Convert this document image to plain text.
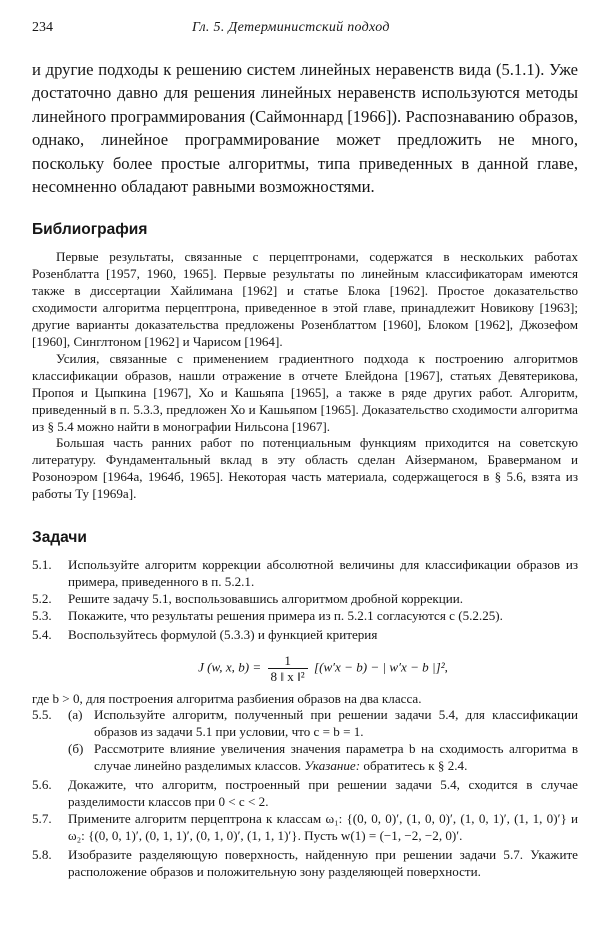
234	Гл. 5. Детерминистский подход

и другие подходы к решению систем линейных неравенств вида (5.1.1). Уже достаточно давно для решения линейных неравенств используются методы линейного программирования (Саймоннард [1966]). Распознаванию образов, однако, линейное программирование может предложить не много, поскольку более простые алгоритмы, типа приведенных в данной главе, несомненно обладают равными возможностями.

Библиография

Первые результаты, связанные с перцептронами, содержатся в нескольких работах Розенблатта [1957, 1960, 1965]. Первые результаты по линейным классификаторам имеются также в диссертации Хайлимана [1962] и статье Блока [1962]. Простое доказательство сходимости алгоритма перцептрона, приведенное в этой главе, принадлежит Новикову [1963]; другие варианты доказательства предложены Розенблаттом [1960], Блоком [1962], Джозефом [1960], Синглтоном [1962] и Чарисом [1964].

Усилия, связанные с применением градиентного подхода к построению алгоритмов классификации образов, нашли отражение в отчете Блейдона [1967], статьях Девятерикова, Пропоя и Цыпкина [1967], Хо и Кашьяпа [1965], а также в ряде других работ. Алгоритм, приведенный в п. 5.3.3, предложен Хо и Кашьяпом [1965]. Доказательство сходимости алгоритма из § 5.4 можно найти в монографии Нильсона [1967].

Большая часть ранних работ по потенциальным функциям приходится на советскую литературу. Фундаментальный вклад в эту область сделан Айзерманом, Браверманом и Розоноэром [1964а, 1964б, 1965]. Некоторая часть материала, содержащегося в § 5.6, взята из работы Ту [1969а].

Задачи
5.1. Используйте алгоритм коррекции абсолютной величины для классификации образов из примера, приведенного в п. 5.2.1.
5.2. Решите задачу 5.1, воспользовавшись алгоритмом дробной коррекции.
5.3. Покажите, что результаты решения примера из п. 5.2.1 согласуются с (5.2.25).
5.4. Воспользуйтесь формулой (5.3.3) и функцией критерия
J (w, x, $b) = \frac{1}{\text{8 ‖ x ‖²}} [(w'x - b)$ − | w′x − b |]²,
где b > 0, для построения алгоритма разбиения образов на два класса.
5.5. (а) Используйте алгоритм, полученный при решении задачи 5.4, для классификации образов из задачи 5.1 при условии, что c = b = 1.
(б) Рассмотрите влияние увеличения значения параметра b на сходимость алгоритма в случае линейно разделимых классов. Указание: обратитесь к § 2.4.
5.6. Докажите, что алгоритм, построенный при решении задачи 5.4, сходится в случае разделимости классов при 0 < c < 2.
5.7. Примените алгоритм перцептрона к классам ω₁: {(0, 0, 0)′, (1, 0, 0)′, (1, 0, 1)′, (1, 1, 0)′} и ω₂: {(0, 0, 1)′, (0, 1, 1)′, (0, 1, 0)′, (1, 1, 1)′}. Пусть w(1) = (−1, −2, −2, 0)′.
5.8. Изобразите разделяющую поверхность, найденную при решении задачи 5.7. Укажите расположение образов и положительную зону разделяющей поверхности.
